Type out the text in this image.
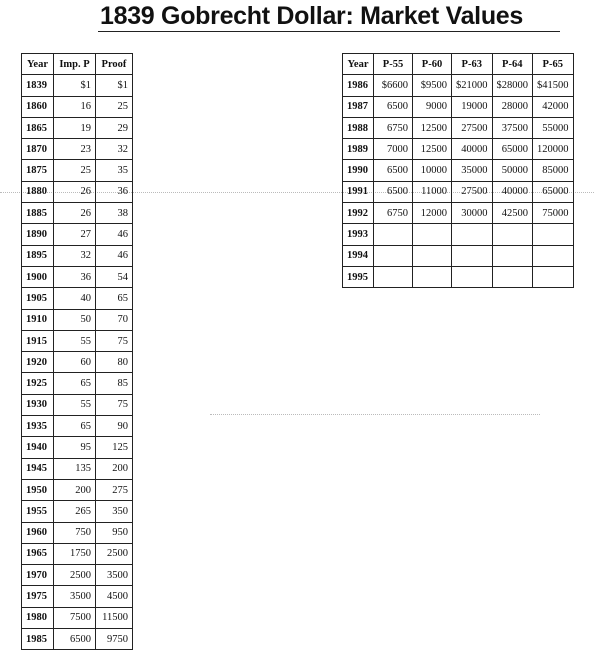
1839 Gobrecht Dollar: Market Values
Year	Imp. P	Proof
1839	$1	$1
1860	16	25
1865	19	29
1870	23	32
1875	25	35
1880	26	36
1885	26	38
1890	27	46
1895	32	46
1900	36	54
1905	40	65
1910	50	70
1915	55	75
1920	60	80
1925	65	85
1930	55	75
1935	65	90
1940	95	125
1945	135	200
1950	200	275
1955	265	350
1960	750	950
1965	1750	2500
1970	2500	3500
1975	3500	4500
1980	7500	11500
1985	6500	9750
Year	P-55	P-60	P-63	P-64	P-65
1986	$6600	$9500	$21000	$28000	$41500
1987	6500	9000	19000	28000	42000
1988	6750	12500	27500	37500	55000
1989	7000	12500	40000	65000	120000
1990	6500	10000	35000	50000	85000
1991	6500	11000	27500	40000	65000
1992	6750	12000	30000	42500	75000
1993					
1994					
1995					
